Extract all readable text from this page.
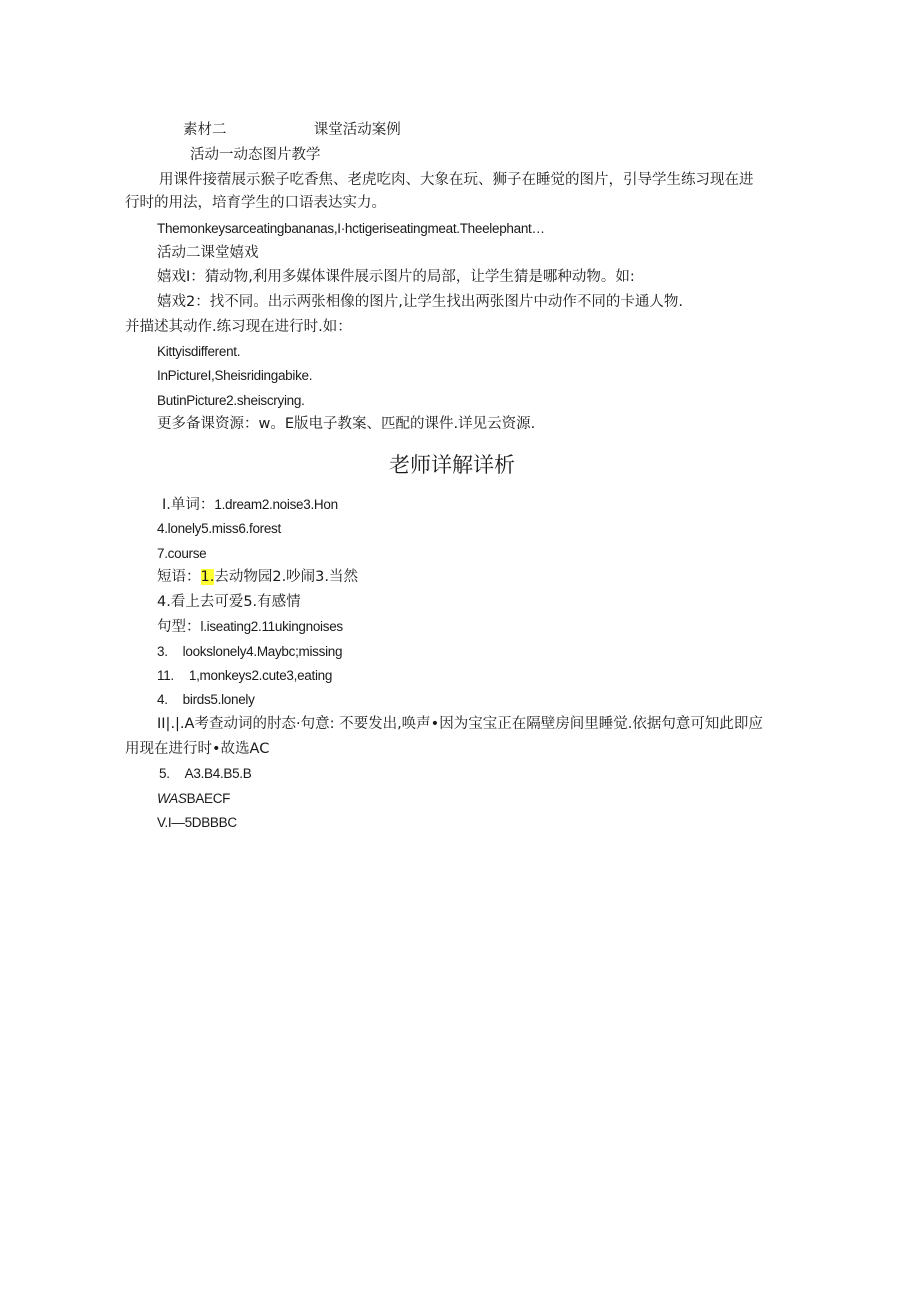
素材二	课堂活动案例
活动一动态图片教学
用课件接蓿展示猴子吃香焦、老虎吃肉、大象在玩、狮子在睡觉的图片，引导学生练习现在进
行时的用法，培育学生的口语表达实力。
Themonkeysarceatingbananas,I·hctigeriseatingmeat.Theelephant…
活动二课堂嬉戏
嬉戏I：猜动物,利用多媒体课件展示图片的局部，让学生猜是哪种动物。如:
嬉戏2：找不同。出示两张相像的图片,让学生找出两张图片中动作不同的卡通人物.
并描述其动作.练习现在进行时.如：
Kittyisdifferent.
InPictureI,Sheisridingabike.
ButinPicture2.sheiscrying.
更多备课资源：w。E版电子教案、匹配的课件.详见云资源.
老师详解详析
I.单词：1.dream2.noise3.Hon
4.lonely5.miss6.forest
7.course
短语：1.去动物园2.吵闹3.当然
4.看上去可爱5.有感情
句型：l.iseating2.11ukingnoises
3. lookslonely4.Maybc;missing
11. 1,monkeys2.cute3,eating
4. birds5.lonely
II|.|.A考查动词的肘态·句意: 不要发出,唤声•因为宝宝正在隔壁房间里睡觉.依据句意可知此即应
用现在进行时•故选AC
5. A3.B4.B5.B
WASBAECF
V.I—5DBBBC
